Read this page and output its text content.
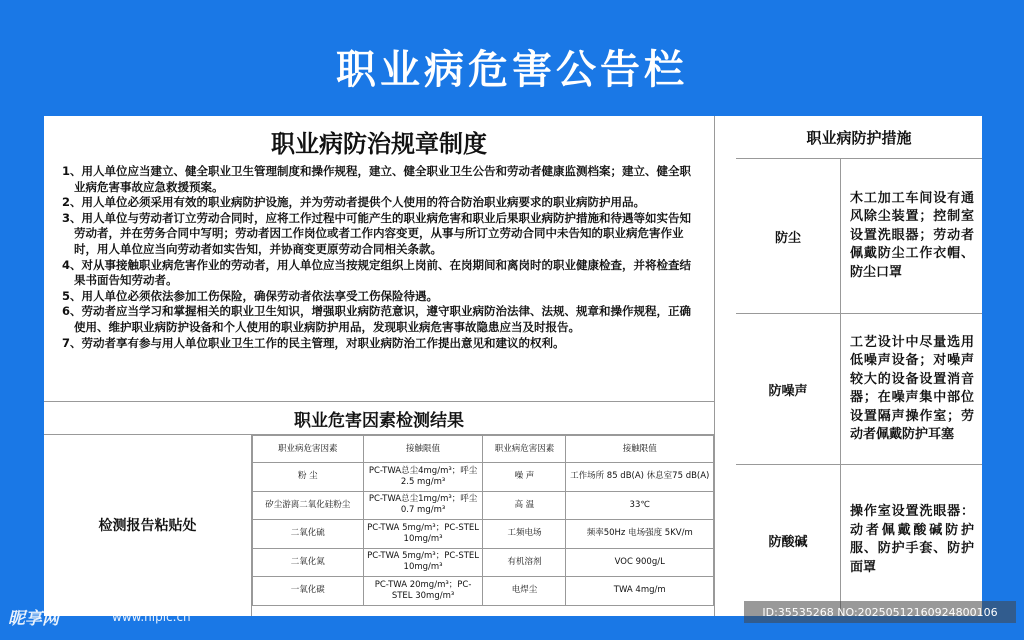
职业病危害公告栏
职业病防治规章制度

1、用人单位应当建立、健全职业卫生管理制度和操作规程，建立、健全职业卫生公告和劳动者健康监测档案；建立、健全职业病危害事故应急救援预案。

2、用人单位必须采用有效的职业病防护设施，并为劳动者提供个人使用的符合防治职业病要求的职业病防护用品。

3、用人单位与劳动者订立劳动合同时，应将工作过程中可能产生的职业病危害和职业后果职业病防护措施和待遇等如实告知劳动者，并在劳务合同中写明；劳动者因工作岗位或者工作内容变更，从事与所订立劳动合同中未告知的职业病危害作业时，用人单位应当向劳动者如实告知，并协商变更原劳动合同相关条款。

4、对从事接触职业病危害作业的劳动者，用人单位应当按规定组织上岗前、在岗期间和离岗时的职业健康检查，并将检查结果书面告知劳动者。

5、用人单位必须依法参加工伤保险，确保劳动者依法享受工伤保险待遇。

6、劳动者应当学习和掌握相关的职业卫生知识，增强职业病防范意识，遵守职业病防治法律、法规、规章和操作规程，正确使用、维护职业病防护设备和个人使用的职业病防护用品，发现职业病危害事故隐患应当及时报告。

7、劳动者享有参与用人单位职业卫生工作的民主管理，对职业病防治工作提出意见和建议的权利。

职业危害因素检测结果
检测报告粘贴处
职业病危害因素	接触限值	职业病危害因素	接触限值
粉 尘	PC-TWA总尘4mg/m³；呼尘2.5 mg/m³	噪 声	工作场所 85 dB(A) 休息室75 dB(A)
矽尘游离二氧化硅粉尘	PC-TWA总尘1mg/m³；呼尘0.7 mg/m³	高 温	33℃
二氧化硫	PC-TWA 5mg/m³；PC-STEL 10mg/m³	工频电场	频率50Hz 电场强度 5KV/m
二氧化氮	PC-TWA 5mg/m³；PC-STEL 10mg/m³	有机溶剂	VOC 900g/L
一氧化碳	PC-TWA 20mg/m³；PC-STEL 30mg/m³	电焊尘	TWA 4mg/m
职业病防护措施
防尘
木工加工车间设有通风除尘装置；控制室设置洗眼器；劳动者佩戴防尘工作衣帽、防尘口罩
防噪声
工艺设计中尽量选用低噪声设备；对噪声较大的设备设置消音器；在噪声集中部位设置隔声操作室；劳动者佩戴防护耳塞
防酸碱
操作室设置洗眼器：动者佩戴酸碱防护服、防护手套、防护面罩
昵享网	www.nipic.cn	ID:35535268 NO:20250512160924800106
